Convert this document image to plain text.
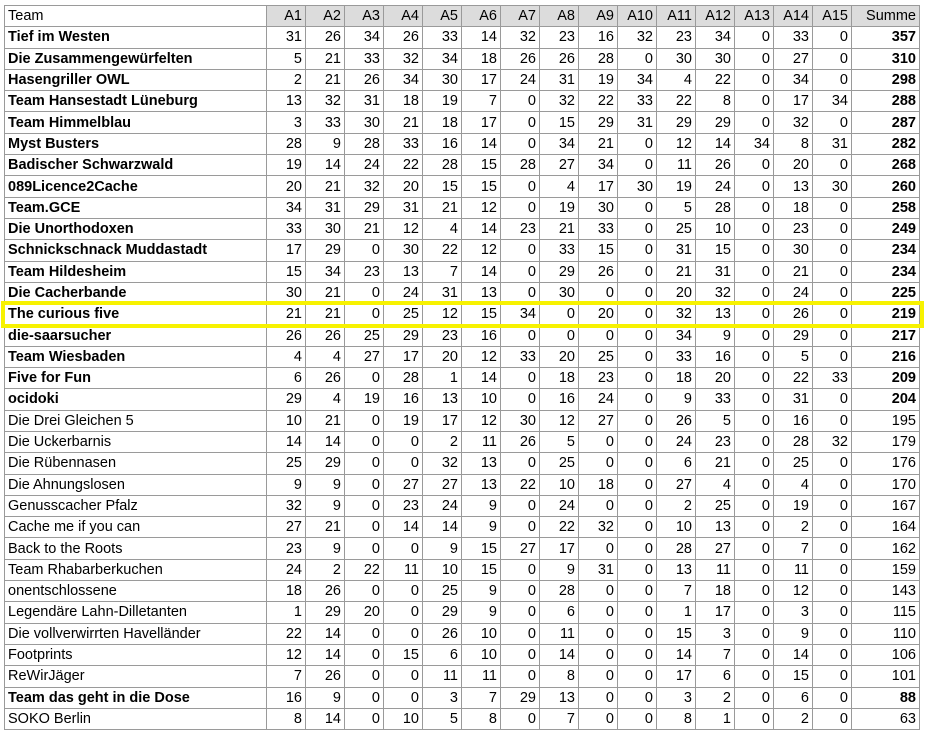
Team	A1	A2	A3	A4	A5	A6	A7	A8	A9	A10	A11	A12	A13	A14	A15	Summe
Tief im Westen	31	26	34	26	33	14	32	23	16	32	23	34	0	33	0	357
Die Zusammengewürfelten	5	21	33	32	34	18	26	26	28	0	30	30	0	27	0	310
Hasengriller OWL	2	21	26	34	30	17	24	31	19	34	4	22	0	34	0	298
Team Hansestadt Lüneburg	13	32	31	18	19	7	0	32	22	33	22	8	0	17	34	288
Team Himmelblau	3	33	30	21	18	17	0	15	29	31	29	29	0	32	0	287
Myst Busters	28	9	28	33	16	14	0	34	21	0	12	14	34	8	31	282
Badischer Schwarzwald	19	14	24	22	28	15	28	27	34	0	11	26	0	20	0	268
089Licence2Cache	20	21	32	20	15	15	0	4	17	30	19	24	0	13	30	260
Team.GCE	34	31	29	31	21	12	0	19	30	0	5	28	0	18	0	258
Die Unorthodoxen	33	30	21	12	4	14	23	21	33	0	25	10	0	23	0	249
Schnickschnack Muddastadt	17	29	0	30	22	12	0	33	15	0	31	15	0	30	0	234
Team Hildesheim	15	34	23	13	7	14	0	29	26	0	21	31	0	21	0	234
Die Cacherbande	30	21	0	24	31	13	0	30	0	0	20	32	0	24	0	225
The curious five	21	21	0	25	12	15	34	0	20	0	32	13	0	26	0	219
die-saarsucher	26	26	25	29	23	16	0	0	0	0	34	9	0	29	0	217
Team Wiesbaden	4	4	27	17	20	12	33	20	25	0	33	16	0	5	0	216
Five for Fun	6	26	0	28	1	14	0	18	23	0	18	20	0	22	33	209
ocidoki	29	4	19	16	13	10	0	16	24	0	9	33	0	31	0	204
Die Drei Gleichen 5	10	21	0	19	17	12	30	12	27	0	26	5	0	16	0	195
Die Uckerbarnis	14	14	0	0	2	11	26	5	0	0	24	23	0	28	32	179
Die Rübennasen	25	29	0	0	32	13	0	25	0	0	6	21	0	25	0	176
Die Ahnungslosen	9	9	0	27	27	13	22	10	18	0	27	4	0	4	0	170
Genusscacher Pfalz	32	9	0	23	24	9	0	24	0	0	2	25	0	19	0	167
Cache me if you can	27	21	0	14	14	9	0	22	32	0	10	13	0	2	0	164
Back to the Roots	23	9	0	0	9	15	27	17	0	0	28	27	0	7	0	162
Team Rhabarberkuchen	24	2	22	11	10	15	0	9	31	0	13	11	0	11	0	159
onentschlossene	18	26	0	0	25	9	0	28	0	0	7	18	0	12	0	143
Legendäre Lahn-Dilletanten	1	29	20	0	29	9	0	6	0	0	1	17	0	3	0	115
Die vollverwirrten Havelländer	22	14	0	0	26	10	0	11	0	0	15	3	0	9	0	110
Footprints	12	14	0	15	6	10	0	14	0	0	14	7	0	14	0	106
ReWirJäger	7	26	0	0	11	11	0	8	0	0	17	6	0	15	0	101
Team das geht in die Dose	16	9	0	0	3	7	29	13	0	0	3	2	0	6	0	88
SOKO Berlin	8	14	0	10	5	8	0	7	0	0	8	1	0	2	0	63
